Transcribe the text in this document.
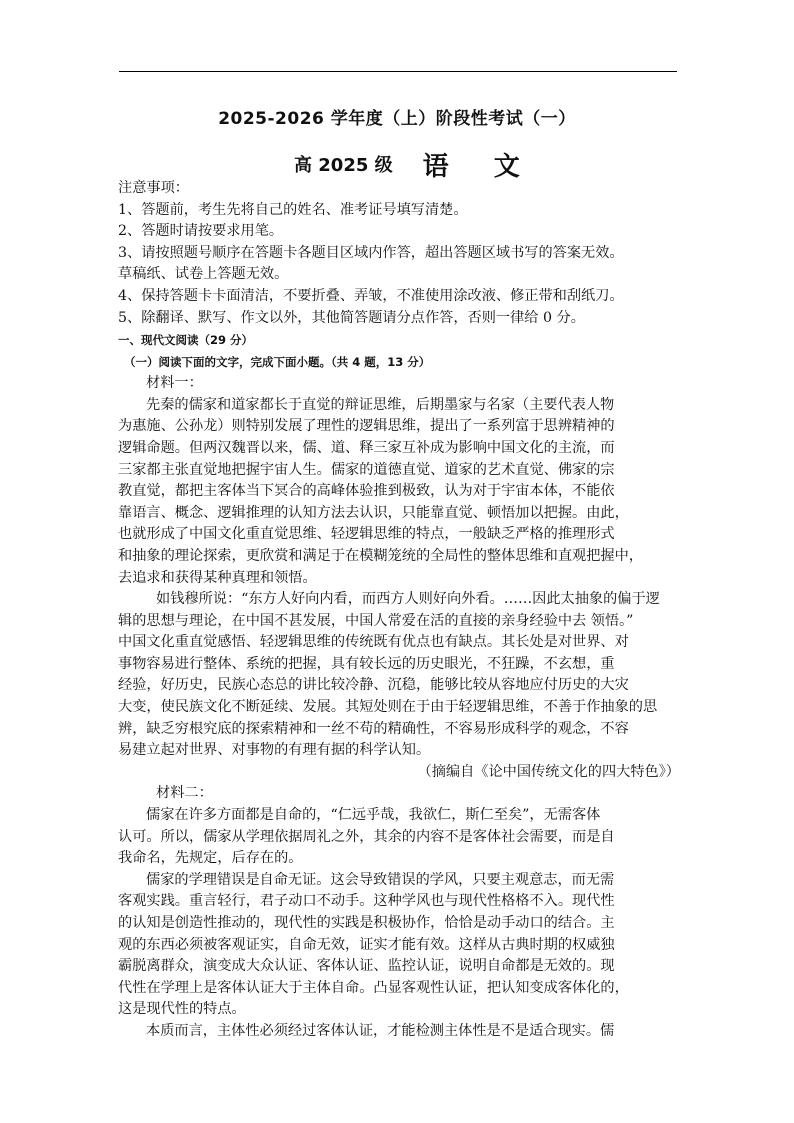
2025-2026 学年度（上）阶段性考试（一）
高 2025 级 语 文
注意事项：
1、答题前，考生先将自己的姓名、准考证号填写清楚。
2、答题时请按要求用笔。
3、请按照题号顺序在答题卡各题目区域内作答，超出答题区域书写的答案无效。
草稿纸、试卷上答题无效。
4、保持答题卡卡面清洁，不要折叠、弄皱，不准使用涂改液、修正带和刮纸刀。
5、除翻译、默写、作文以外，其他简答题请分点作答，否则一律给 0 分。
一、现代文阅读（29 分）
（一）阅读下面的文字，完成下面小题。（共 4 题，13 分）
材料一：
先秦的儒家和道家都长于直觉的辩证思维，后期墨家与名家（主要代表人物
为惠施、公孙龙）则特别发展了理性的逻辑思维，提出了一系列富于思辨精神的
逻辑命题。但两汉魏晋以来，儒、道、释三家互补成为影响中国文化的主流，而
三家都主张直觉地把握宇宙人生。儒家的道德直觉、道家的艺术直觉、佛家的宗
教直觉，都把主客体当下冥合的高峰体验推到极致，认为对于宇宙本体，不能依
靠语言、概念、逻辑推理的认知方法去认识，只能靠直觉、顿悟加以把握。由此，
也就形成了中国文化重直觉思维、轻逻辑思维的特点，一般缺乏严格的推理形式
和抽象的理论探索，更欣赏和满足于在模糊笼统的全局性的整体思维和直观把握中，
去追求和获得某种真理和领悟。
如钱穆所说：“东方人好向内看，而西方人则好向外看。……因此太抽象的偏于逻
辑的思想与理论，在中国不甚发展，中国人常爱在活的直接的亲身经验中去 领悟。”
中国文化重直觉感悟、轻逻辑思维的传统既有优点也有缺点。其长处是对世界、对
事物容易进行整体、系统的把握，具有较长远的历史眼光，不狂躁，不玄想，重
经验，好历史，民族心态总的讲比较冷静、沉稳，能够比较从容地应付历史的大灾
大变，使民族文化不断延续、发展。其短处则在于由于轻逻辑思维，不善于作抽象的思
辨，缺乏穷根究底的探索精神和一丝不苟的精确性，不容易形成科学的观念，不容
易建立起对世界、对事物的有理有据的科学认知。
（摘编自《论中国传统文化的四大特色》）
材料二：
儒家在许多方面都是自命的，“仁远乎哉，我欲仁，斯仁至矣”，无需客体
认可。所以，儒家从学理依据周礼之外，其余的内容不是客体社会需要，而是自
我命名，先规定，后存在的。
儒家的学理错误是自命无证。这会导致错误的学风，只要主观意志，而无需
客观实践。重言轻行，君子动口不动手。这种学风也与现代性格格不入。现代性
的认知是创造性推动的，现代性的实践是积极协作，恰恰是动手动口的结合。主
观的东西必须被客观证实，自命无效，证实才能有效。这样从古典时期的权威独
霸脱离群众，演变成大众认证、客体认证、监控认证，说明自命都是无效的。现
代性在学理上是客体认证大于主体自命。凸显客观性认证，把认知变成客体化的，
这是现代性的特点。
本质而言，主体性必须经过客体认证，才能检测主体性是不是适合现实。儒
